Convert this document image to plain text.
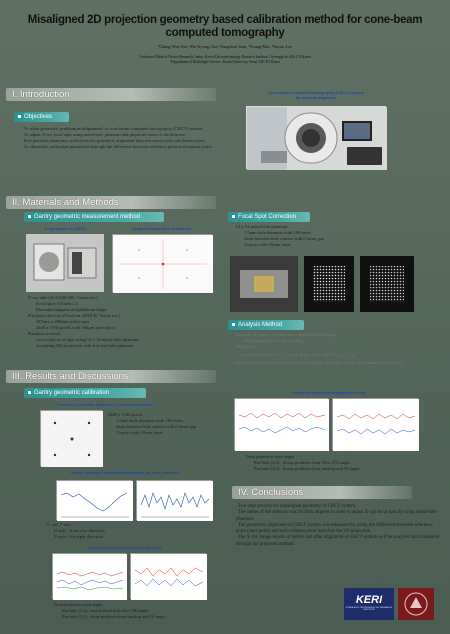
Misaligned 2D projection geometry based calibration method for cone-beam
computed tomography
¹Chang-Woo Seo, ¹Bo-Kyung Cha, ¹Sungchae Jeon, ²Young-Min, ¹Nayun Lee
¹Advanced Medical Device Research Center, Korea Electrotechnology Research Institute, Gyeonggi-do 426-170 Korea
²Department of Radiologic Science, Korea University, Seoul 136-703 Korea
I. Introduction	Cone-beam computed tomography (CBCT) system
for medical diagnosis
Objectives
◦To solve geometric problem(misalignment) in cone-beam computed tomography (CBCT) system.
◦To adjust X-ray focal spot using metal-hole phantom and physical center of the detector.
◦Five pin-hole phantoms on detector for geometric alignment between source part and detector part.
◦To obtain the calibration parameters through the difference between reference point and rotation point.
II. Materials and Methods
Gantry geometric measurement method
X-ray source in CBCT	Acquired projection in detector
◦X-ray tube (A-132/B-100, Varian inc.)
✓Focal spot: 0.6 and 1.2
✓Rhenium-tungsten molybdenum target
◦Flat panel detector (PaxScan 4030CB, Varian inc.)
✓397mm x 298mm active area
✓2048 x 1536 pixels with 194μm pixel pitch
◦Phantom research
✓Correction focal spot using 14 x 14 metal-hole phantom
✓Acquiring 360 projection with five pin-hole phantom
Focal Spot Correction
◦14 x 14 metal-hole phantom
✓1.5mm hole diameter with 196 holes
✓2mm between hole centers with 0.5mm gap
✓5 layers with 10mm layer
Analysis Method
◦Rotation of gantry system from 0 degree to 360 degree
✓360 projections in 1 per rotation
◦Difference
d_x(t_{f}, r_{f}) = r_x − r_ref, d_y(t_{f}, r_{f}) = r_y − r_ref
where r and r_ref are reference point and rotation point (U- and V- coordinates, respectively.
III. Results and Discussions
Gantry geometric calibration
Position of pin-hole phantom in flat panel detector
◦2048 x 1536 pixels
✓1.5mm hole diameter with 196 holes
✓2mm between hole centers with 0.5mm gap
✓5 layers with 10mm layer
Gantry distortion measurement(center pin-hole phantom)
◦U- and V-axis
✓U-axis : front-rear direction
✓V-axis : left-right direction
Gantry distortion measurement(V-axis)
◦Total pattern in each angle
✓Pin-hole (1,2) : much distortion after 180 angle
✓Pin-hole (5,1) : drop/problem from starting and 50 angle
Gantry distortion measurement(U-axis)
◦Total pattern in each angle
✓Pin-hole (2,3) : droop problem from 90 to 270 angle
✓Pin-hole (4,5) : droop problem from starting and 50 angle
IV. Conclusions
◦Two-step process for misaligned geometry of CBCT system.
◦The center of the detector was forcibly aligned in order to adjust X-ray focal spot by using metal-hole phantom.
◦The geometric alignment of CBCT system was measured by using the difference between reference point (start point) and each rotation point based on the 2D projection.
◦The X-ray image results of before and after alignment of CBCT system will be analyzed and compared through the proposed method.
KERI
KOREA ELECTROTECHNOLOGY RESEARCH INSTITUTE
